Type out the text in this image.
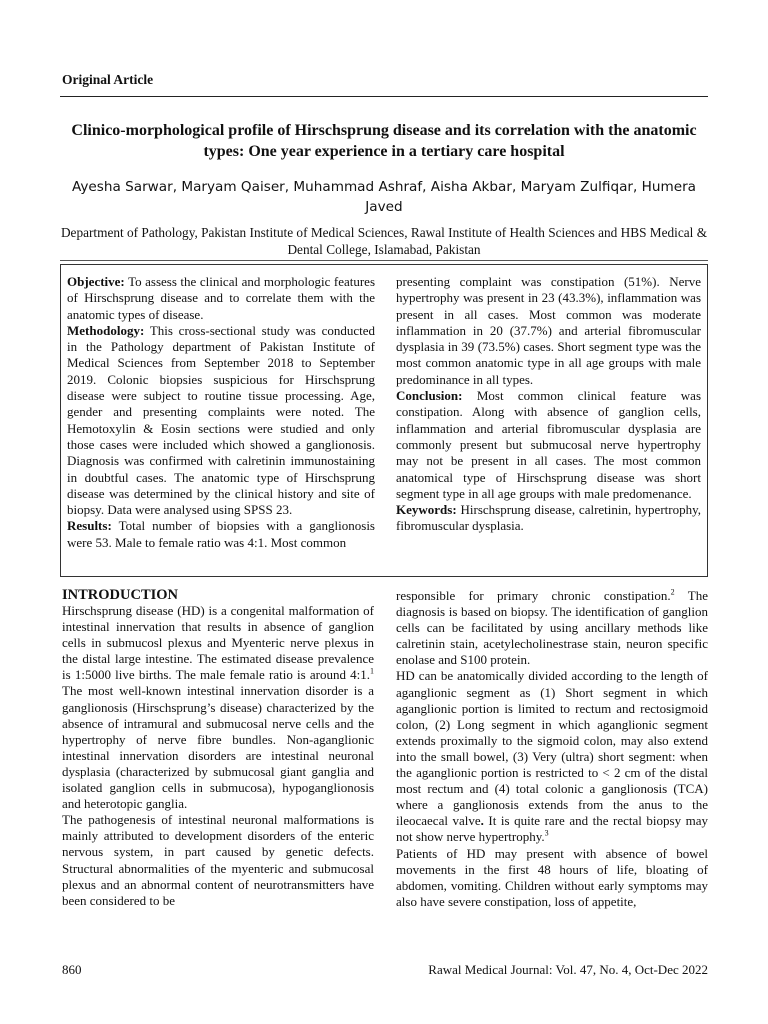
Original Article
Clinico-morphological profile of Hirschsprung disease and its correlation with the anatomic types: One year experience in a tertiary care hospital
Ayesha Sarwar, Maryam Qaiser, Muhammad Ashraf, Aisha Akbar, Maryam Zulfiqar, Humera Javed
Department of Pathology, Pakistan Institute of Medical Sciences, Rawal Institute of Health Sciences and HBS Medical & Dental College, Islamabad, Pakistan
Objective: To assess the clinical and morphologic features of Hirschsprung disease and to correlate them with the anatomic types of disease.
Methodology: This cross-sectional study was conducted in the Pathology department of Pakistan Institute of Medical Sciences from September 2018 to September 2019. Colonic biopsies suspicious for Hirschsprung disease were subject to routine tissue processing. Age, gender and presenting complaints were noted. The Hemotoxylin & Eosin sections were studied and only those cases were included which showed a ganglionosis. Diagnosis was confirmed with calretinin immunostaining in doubtful cases. The anatomic type of Hirschsprung disease was determined by the clinical history and site of biopsy. Data were analysed using SPSS 23.
Results: Total number of biopsies with a ganglionosis were 53. Male to female ratio was 4:1. Most common
presenting complaint was constipation (51%). Nerve hypertrophy was present in 23 (43.3%), inflammation was present in all cases. Most common was moderate inflammation in 20 (37.7%) and arterial fibromuscular dysplasia in 39 (73.5%) cases. Short segment type was the most common anatomic type in all age groups with male predominance in all types.
Conclusion: Most common clinical feature was constipation. Along with absence of ganglion cells, inflammation and arterial fibromuscular dysplasia are commonly present but submucosal nerve hypertrophy may not be present in all cases. The most common anatomical type of Hirschsprung disease was short segment type in all age groups with male predomenance.
Keywords: Hirschsprung disease, calretinin, hypertrophy, fibromuscular dysplasia.
INTRODUCTION
Hirschsprung disease (HD) is a congenital malformation of intestinal innervation that results in absence of ganglion cells in submucosl plexus and Myenteric nerve plexus in the distal large intestine. The estimated disease prevalence is 1:5000 live births. The male female ratio is around 4:1.$^1$ The most well-known intestinal innervation disorder is a ganglionosis (Hirschsprung’s disease) characterized by the absence of intramural and submucosal nerve cells and the hypertrophy of nerve fibre bundles. Non-aganglionic intestinal innervation disorders are intestinal neuronal dysplasia (characterized by submucosal giant ganglia and isolated ganglion cells in submucosa), hypoganglionosis and heterotopic ganglia.
The pathogenesis of intestinal neuronal malformations is mainly attributed to development disorders of the enteric nervous system, in part caused by genetic defects. Structural abnormalities of the myenteric and submucosal plexus and an abnormal content of neurotransmitters have been considered to be
responsible for primary chronic constipation.$^2$ The diagnosis is based on biopsy. The identification of ganglion cells can be facilitated by using ancillary methods like calretinin stain, acetylecholinestrase stain, neuron specific enolase and S100 protein.
HD can be anatomically divided according to the length of aganglionic segment as (1) Short segment in which aganglionic portion is limited to rectum and rectosigmoid colon, (2) Long segment in which aganglionic segment extends proximally to the sigmoid colon, may also extend into the small bowel, (3) Very (ultra) short segment: when the aganglionic portion is restricted to < 2 cm of the distal most rectum and (4) total colonic a ganglionosis (TCA) where a ganglionosis extends from the anus to the ileocaecal valve. It is quite rare and the rectal biopsy may not show nerve hypertrophy.$^3$
Patients of HD may present with absence of bowel movements in the first 48 hours of life, bloating of abdomen, vomiting. Children without early symptoms may also have severe constipation, loss of appetite,
860	Rawal Medical Journal: Vol. 47, No. 4, Oct-Dec 2022
